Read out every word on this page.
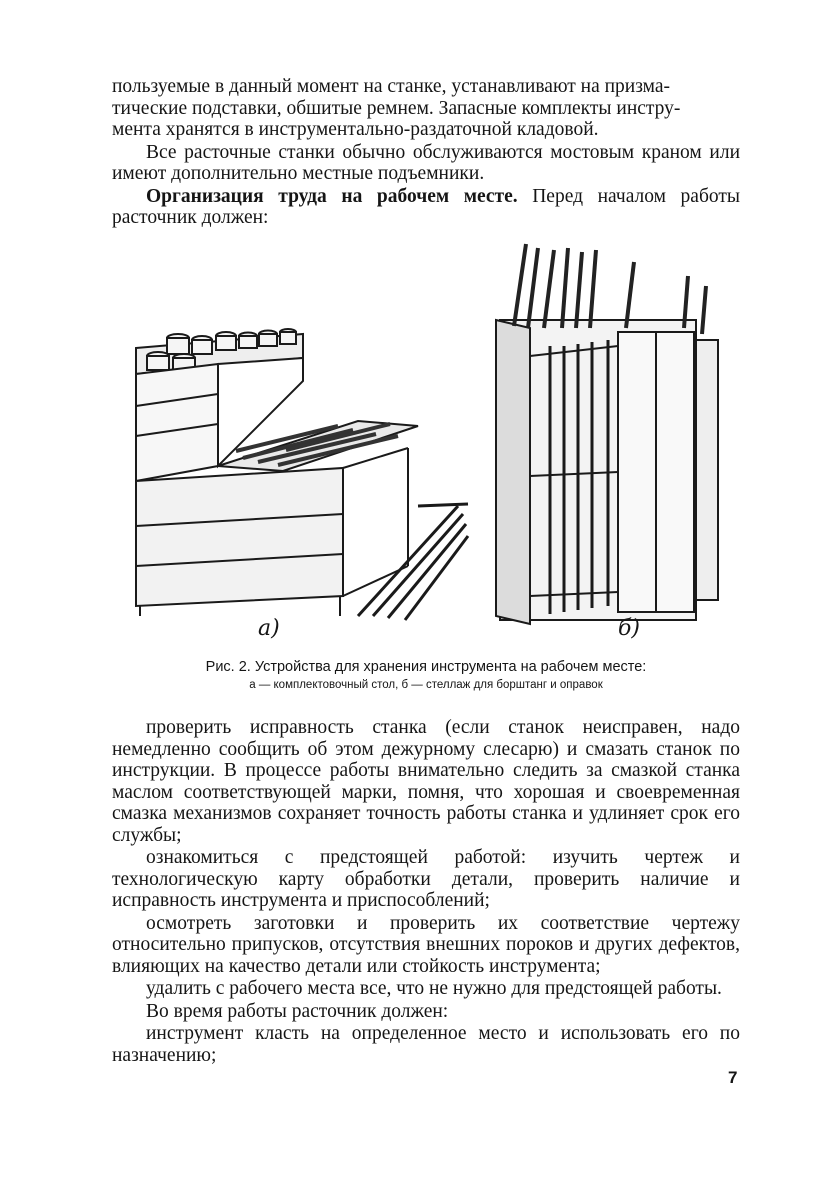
пользуемые в данный момент на станке, устанавливают на призма-

тические подставки, обшитые ремнем. Запасные комплекты инстру-

мента хранятся в инструментально-раздаточной кладовой.

Все расточные станки обычно обслуживаются мостовым краном или имеют дополнительно местные подъемники.

Организация труда на рабочем месте. Перед началом работы расточник должен:

а)	б)
Рис. 2. Устройства для хранения инструмента на рабочем месте:
а — комплектовочный стол, б — стеллаж для борштанг и оправок

проверить исправность станка (если станок неисправен, надо немедленно сообщить об этом дежурному слесарю) и смазать станок по инструкции. В процессе работы внимательно следить за смазкой станка маслом соответствующей марки, помня, что хорошая и своевременная смазка механизмов сохраняет точность работы станка и удлиняет срок его службы;

ознакомиться с предстоящей работой: изучить чертеж и технологическую карту обработки детали, проверить наличие и исправность инструмента и приспособлений;

осмотреть заготовки и проверить их соответствие чертежу относительно припусков, отсутствия внешних пороков и других дефектов, влияющих на качество детали или стойкость инструмента;

удалить с рабочего места все, что не нужно для предстоящей работы.

Во время работы расточник должен:

инструмент класть на определенное место и использовать его по назначению;

7
